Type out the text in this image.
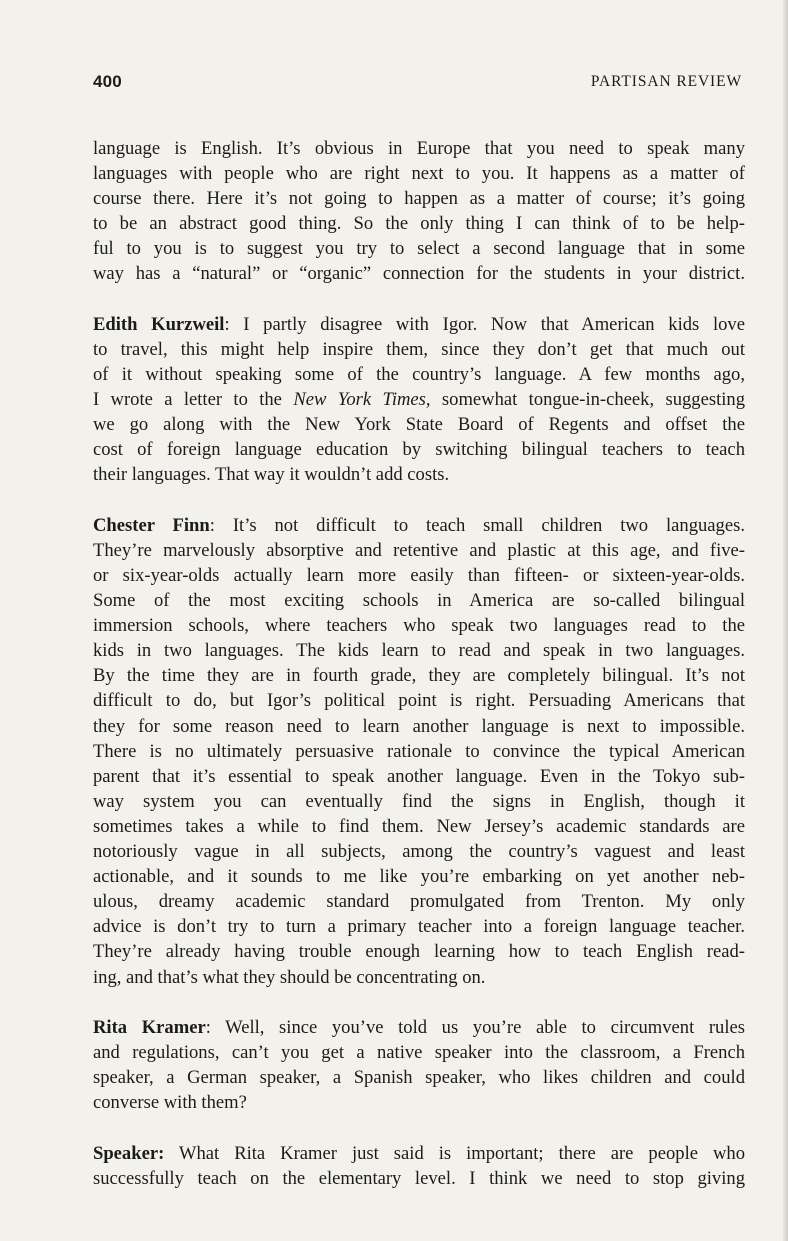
400	PARTISAN REVIEW
language is English. It’s obvious in Europe that you need to speak many
languages with people who are right next to you. It happens as a matter of
course there. Here it’s not going to happen as a matter of course; it’s going
to be an abstract good thing. So the only thing I can think of to be help-
ful to you is to suggest you try to select a second language that in some
way has a “natural” or “organic” connection for the students in your district.
Edith Kurzweil: I partly disagree with Igor. Now that American kids love
to travel, this might help inspire them, since they don’t get that much out
of it without speaking some of the country’s language. A few months ago,
I wrote a letter to the New York Times, somewhat tongue-in-cheek, suggesting
we go along with the New York State Board of Regents and offset the
cost of foreign language education by switching bilingual teachers to teach
their languages. That way it wouldn’t add costs.
Chester Finn: It’s not difficult to teach small children two languages.
They’re marvelously absorptive and retentive and plastic at this age, and five-
or six-year-olds actually learn more easily than fifteen- or sixteen-year-olds.
Some of the most exciting schools in America are so-called bilingual
immersion schools, where teachers who speak two languages read to the
kids in two languages. The kids learn to read and speak in two languages.
By the time they are in fourth grade, they are completely bilingual. It’s not
difficult to do, but Igor’s political point is right. Persuading Americans that
they for some reason need to learn another language is next to impossible.
There is no ultimately persuasive rationale to convince the typical American
parent that it’s essential to speak another language. Even in the Tokyo sub-
way system you can eventually find the signs in English, though it
sometimes takes a while to find them. New Jersey’s academic standards are
notoriously vague in all subjects, among the country’s vaguest and least
actionable, and it sounds to me like you’re embarking on yet another neb-
ulous, dreamy academic standard promulgated from Trenton. My only
advice is don’t try to turn a primary teacher into a foreign language teacher.
They’re already having trouble enough learning how to teach English read-
ing, and that’s what they should be concentrating on.
Rita Kramer: Well, since you’ve told us you’re able to circumvent rules
and regulations, can’t you get a native speaker into the classroom, a French
speaker, a German speaker, a Spanish speaker, who likes children and could
converse with them?
Speaker: What Rita Kramer just said is important; there are people who
successfully teach on the elementary level. I think we need to stop giving
